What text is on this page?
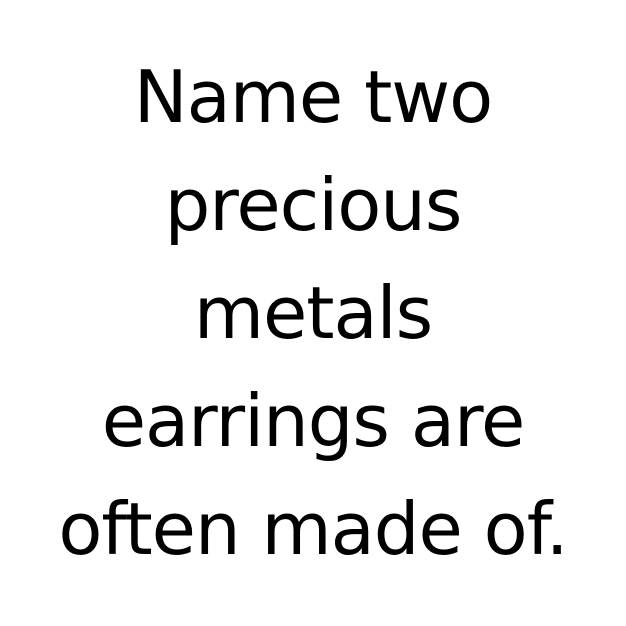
Name two
precious
metals
earrings are
often made of.
